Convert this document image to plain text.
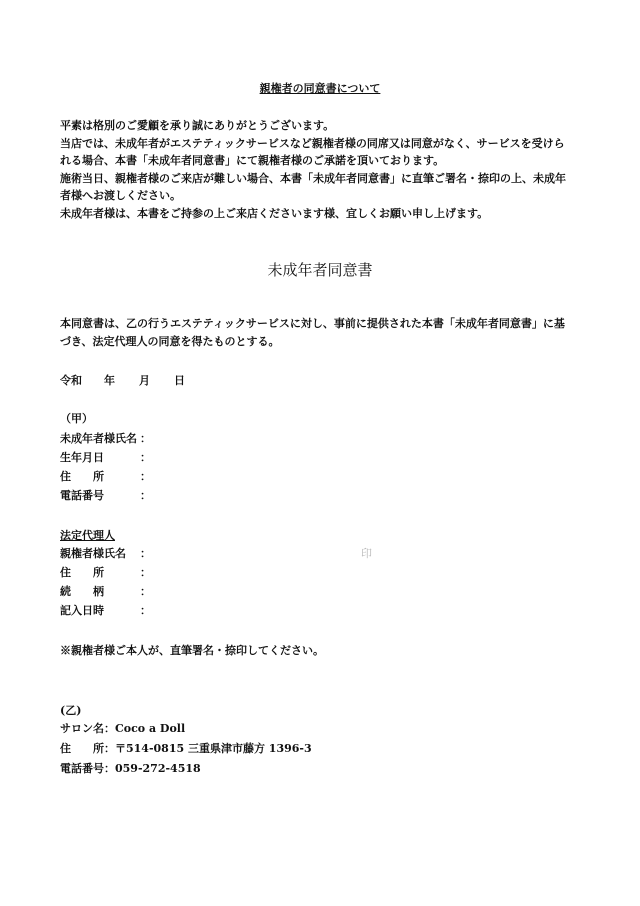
親権者の同意書について

平素は格別のご愛顧を承り誠にありがとうございます。

当店では、未成年者がエステティックサービスなど親権者様の同席又は同意がなく、サービスを受けら

れる場合、本書「未成年者同意書」にて親権者様のご承諾を頂いております。

施術当日、親権者様のご来店が難しい場合、本書「未成年者同意書」に直筆ご署名・捺印の上、未成年

者様へお渡しください。

未成年者様は、本書をご持参の上ご来店くださいます様、宜しくお願い申し上げます。

未成年者同意書

本同意書は、乙の行うエステティックサービスに対し、事前に提供された本書「未成年者同意書」に基

づき、法定代理人の同意を得たものとする。

令和 年 月 日
（甲）
未成年者様氏名 ：
生年月日	：
住　　所	：
電話番号	：
法定代理人
親権者様氏名 ：	印
住　　所	：
続　　柄	：
記入日時	：
※親権者様ご本人が、直筆署名・捺印してください。
(乙)
サロン名：Coco a Doll
住　　所：〒514-0815 三重県津市藤方 1396-3
電話番号：059-272-4518
